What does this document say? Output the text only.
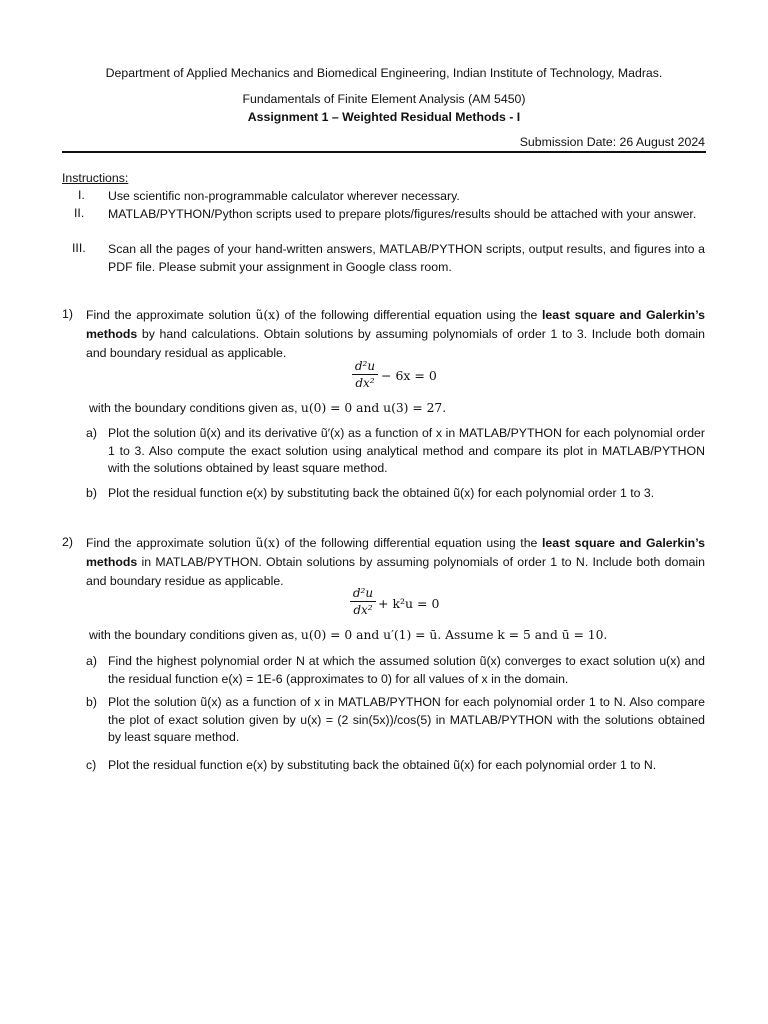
Department of Applied Mechanics and Biomedical Engineering, Indian Institute of Technology, Madras.
Fundamentals of Finite Element Analysis (AM 5450)
Assignment 1 – Weighted Residual Methods - I
Submission Date: 26 August 2024
Instructions:
I. Use scientific non-programmable calculator wherever necessary.
II. MATLAB/PYTHON/Python scripts used to prepare plots/figures/results should be attached with your answer.
III. Scan all the pages of your hand-written answers, MATLAB/PYTHON scripts, output results, and figures into a PDF file. Please submit your assignment in Google class room.
1) Find the approximate solution ũ(x) of the following differential equation using the least square and Galerkin’s methods by hand calculations. Obtain solutions by assuming polynomials of order 1 to 3. Include both domain and boundary residual as applicable.
d²u
dx² − 6x = 0
with the boundary conditions given as, u(0) = 0 and u(3) = 27.
a) Plot the solution ũ(x) and its derivative ũ′(x) as a function of x in MATLAB/PYTHON for each polynomial order 1 to 3. Also compute the exact solution using analytical method and compare its plot in MATLAB/PYTHON with the solutions obtained by least square method.
b) Plot the residual function e(x) by substituting back the obtained ũ(x) for each polynomial order 1 to 3.
2) Find the approximate solution ũ(x) of the following differential equation using the least square and Galerkin’s methods in MATLAB/PYTHON. Obtain solutions by assuming polynomials of order 1 to N. Include both domain and boundary residue as applicable.
d²u
dx² + k²u = 0
with the boundary conditions given as, u(0) = 0 and u′(1) = ū. Assume k = 5 and ū = 10.
a) Find the highest polynomial order N at which the assumed solution ũ(x) converges to exact solution u(x) and the residual function e(x) = 1E-6 (approximates to 0) for all values of x in the domain.
b) Plot the solution ũ(x) as a function of x in MATLAB/PYTHON for each polynomial order 1 to N. Also compare the plot of exact solution given by u(x) = (2 sin(5x))/cos(5) in MATLAB/PYTHON with the solutions obtained by least square method.
c) Plot the residual function e(x) by substituting back the obtained ũ(x) for each polynomial order 1 to N.
